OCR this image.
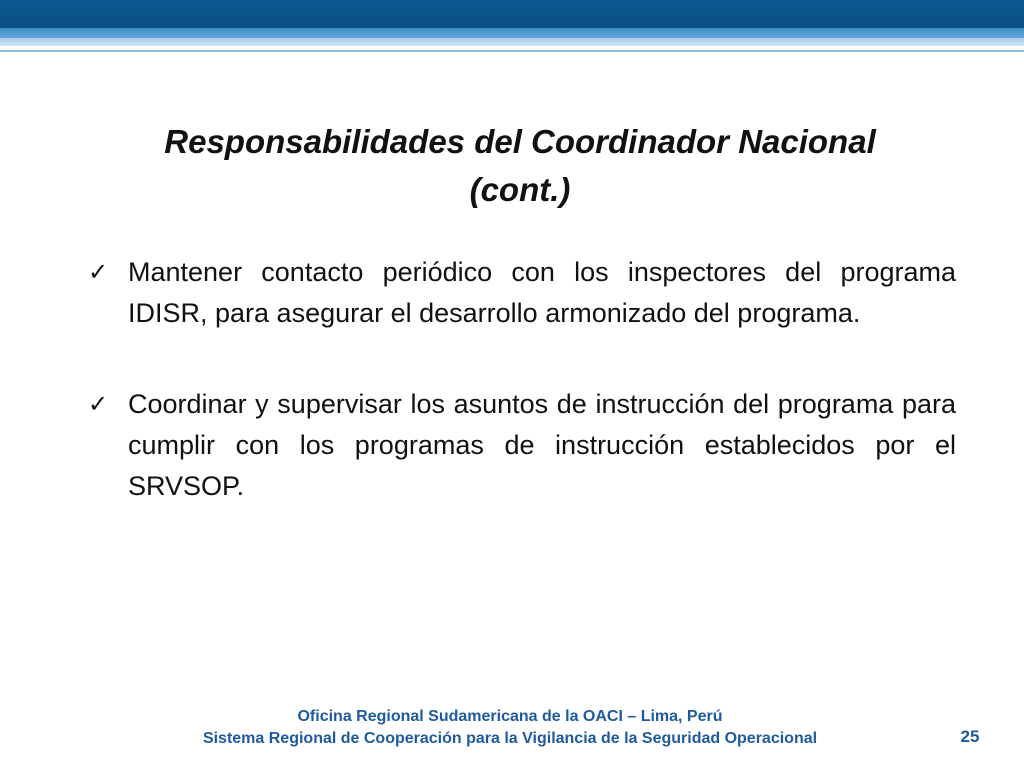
Responsabilidades del Coordinador Nacional
(cont.)
✓ Mantener contacto periódico con los inspectores del programa IDISR, para asegurar el desarrollo armonizado del programa.
✓ Coordinar y supervisar los asuntos de instrucción del programa para cumplir con los programas de instrucción establecidos por el SRVSOP.
Oficina Regional Sudamericana de la OACI – Lima, Perú
Sistema Regional de Cooperación para la Vigilancia de la Seguridad Operacional	25
